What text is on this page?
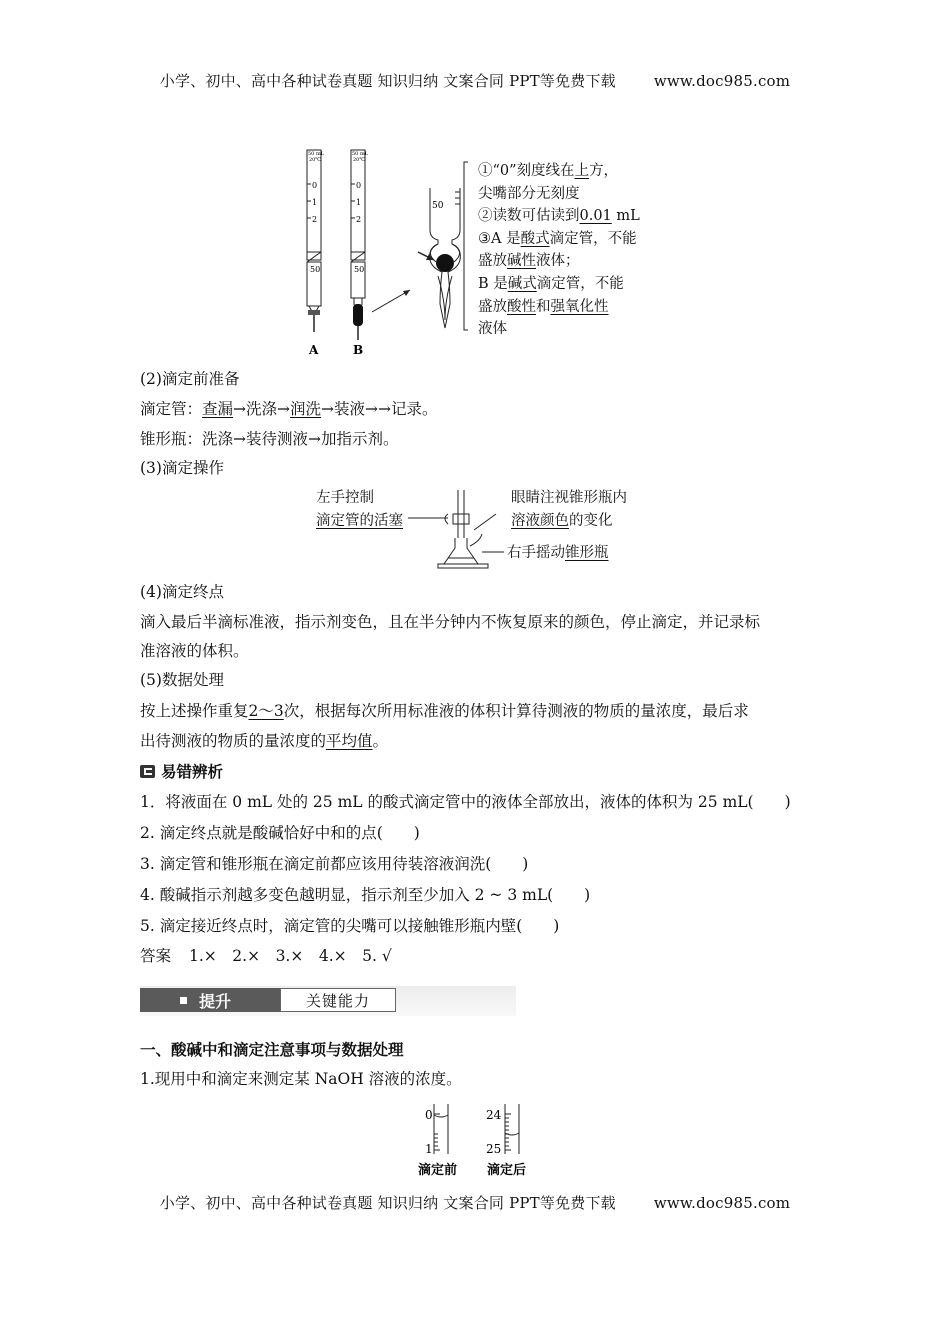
小学、初中、高中各种试卷真题 知识归纳 文案合同 PPT等免费下载	www.doc985.com
50 mL
20℃
0
1
2
50
A
50 mL
20℃
0
1
2
50
B
50
①“0”刻度线在上方，
尖嘴部分无刻度
②读数可估读到0.01 mL
③A 是酸式滴定管，不能
盛放碱性液体；
B 是碱式滴定管，不能
盛放酸性和强氧化性
液体
(2)滴定前准备
滴定管：查漏→洗涤→润洗→装液→→记录。
锥形瓶：洗涤→装待测液→加指示剂。
(3)滴定操作
左手控制
滴定管的活塞
眼睛注视锥形瓶内
溶液颜色的变化
右手摇动锥形瓶
(4)滴定终点
滴入最后半滴标准液，指示剂变色，且在半分钟内不恢复原来的颜色，停止滴定，并记录标
准溶液的体积。
(5)数据处理
按上述操作重复2～3次，根据每次所用标准液的体积计算待测液的物质的量浓度，最后求
出待测液的物质的量浓度的平均值。
易错辨析
1．将液面在 0 mL 处的 25 mL 的酸式滴定管中的液体全部放出，液体的体积为 25 mL(　　)
2. 滴定终点就是酸碱恰好中和的点(　　)
3. 滴定管和锥形瓶在滴定前都应该用待装溶液润洗(　　)
4. 酸碱指示剂越多变色越明显，指示剂至少加入 2 ~ 3 mL(　　)
5. 滴定接近终点时，滴定管的尖嘴可以接触锥形瓶内壁(　　)
答案 1.×　2.×　3.×　4.×　5. √
提升	关键能力
一、酸碱中和滴定注意事项与数据处理
1.现用中和滴定来测定某 NaOH 溶液的浓度。
0
1
滴定前
24
25
滴定后
小学、初中、高中各种试卷真题 知识归纳 文案合同 PPT等免费下载	www.doc985.com
